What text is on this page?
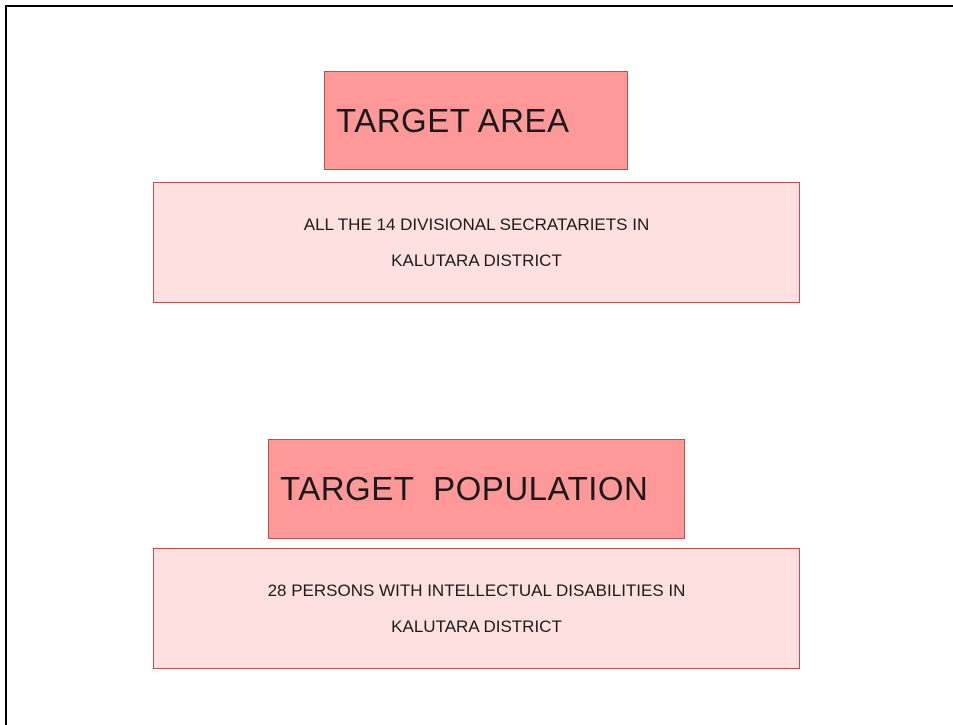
TARGET AREA
ALL THE 14 DIVISIONAL SECRATARIETS IN
KALUTARA DISTRICT
TARGET  POPULATION
28 PERSONS WITH INTELLECTUAL DISABILITIES IN
KALUTARA DISTRICT
